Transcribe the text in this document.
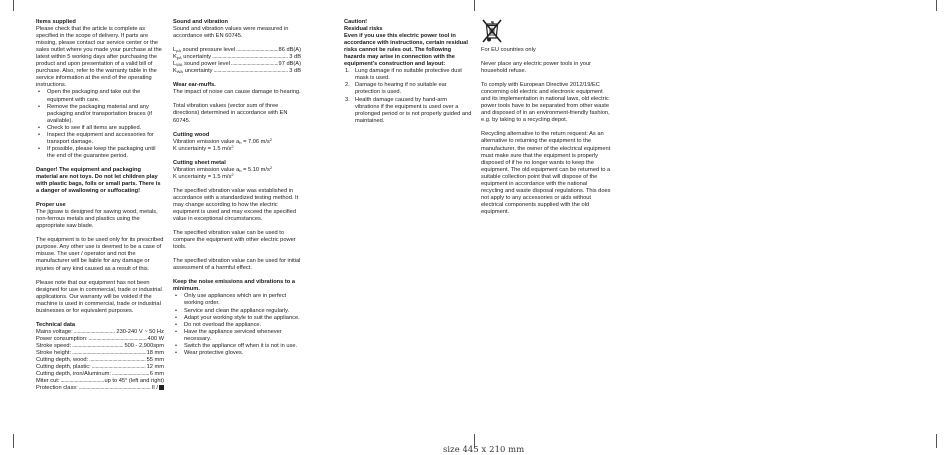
Items supplied
Please check that the article is complete as specified in the scope of delivery. If parts are missing, please contact our service center or the sales outlet where you made your purchase at the latest within 5 working days after purchasing the product and upon presentation of a valid bill of purchase. Also, refer to the warranty table in the service information at the end of the operating instructions.
• Open the packaging and take out the equipment with care.
• Remove the packaging material and any packaging and/or transportation braces (if available).
• Check to see if all items are supplied.
• Inspect the equipment and accessories for transport damage.
• If possible, please keep the packaging until the end of the guarantee period.
Danger! The equipment and packaging material are not toys. Do not let children play with plastic bags, foils or small parts. There is a danger of swallowing or suffocating!
Proper use
The jigsaw is designed for sawing wood, metals, non-ferrous metals and plastics using the appropriate saw blade.
The equipment is to be used only for its prescribed purpose. Any other use is deemed to be a case of misuse. The user / operator and not the manufacturer will be liable for any damage or injuries of any kind caused as a result of this.
Please note that our equipment has not been designed for use in commercial, trade or industrial applications. Our warranty will be voided if the machine is used in commercial, trade or industrial businesses or for equivalent purposes.
Technical data
Mains voltage: .....	230-240 V ~ 50 Hz
Power consumption: .....	400 W
Stroke speed: .....	500 - 2,900spm
Stroke height: .....	18 mm
Cutting depth, wood: .....	55 mm
Cutting depth, plastic: .....	12 mm
Cutting depth, iron/Aluminum: .....	6 mm
Miter cut: .....	up to 45° (left and right)
Protection class: .....	II /
Sound and vibration
Sound and vibration values were measured in accordance with EN 60745.
$L_{pA}$ sound pressure level .....	86 dB(A)
$K_{pA}$ uncertainty .....	3 dB
$L_{WA}$ sound power level .....	97 dB(A)
$K_{WA}$ uncertainty .....	3 dB
Wear ear-muffs.
The impact of noise can cause damage to hearing.
Total vibration values (vector sum of three directions) determined in accordance with EN 60745.
Cutting wood
Vibration emission value $a_h = 7.06$ $m/s^2$
K uncertainty = 1.5 $m/s^2$
Cutting sheet metal
Vibration emission value $a_h = 5.10$ $m/s^2$
K uncertainty = 1.5 $m/s^2$
The specified vibration value was established in accordance with a standardized testing method. It may change according to how the electric equipment is used and may exceed the specified value in exceptional circumstances.
The specified vibration value can be used to compare the equipment with other electric power tools.
The specified vibration value can be used for initial assessment of a harmful effect.
Keep the noise emissions and vibrations to a minimum.
• Only use appliances which are in perfect working order.
• Service and clean the appliance regularly.
• Adapt your working style to suit the appliance.
• Do not overload the appliance.
• Have the appliance serviced whenever necessary.
• Switch the appliance off when it is not in use.
• Wear protective gloves.
Caution!
Residual risks
Even if you use this electric power tool in accordance with instructions, certain residual risks cannot be rules out. The following hazards may arise in connection with the equipment's construction and layout:
1. Lung damage if no suitable protective dust mask is used.
2. Damage to hearing if no suitable ear protection is used.
3. Health damage caused by hand-arm vibrations if the equipment is used over a prolonged period or is not properly guided and maintained.
For EU countries only
Never place any electric power tools in your household refuse.
To comply with European Directive 2012/19/EC concerning old electric and electronic equipment and its implementation in national laws, old electric power tools have to be separated from other waste and disposed of in an environment-friendly fashion, e.g. by taking to a recycling depot.
Recycling alternative to the return request: As an alternative to returning the equipment to the manufacturer, the owner of the electrical equipment must make sure that the equipment is properly disposed of if he no longer wants to keep the equipment. The old equipment can be returned to a suitable collection point that will dispose of the equipment in accordance with the national recycling and waste disposal regulations. This does not apply to any accessories or aids without electrical components supplied with the old equipment.
size 445 x 210 mm
